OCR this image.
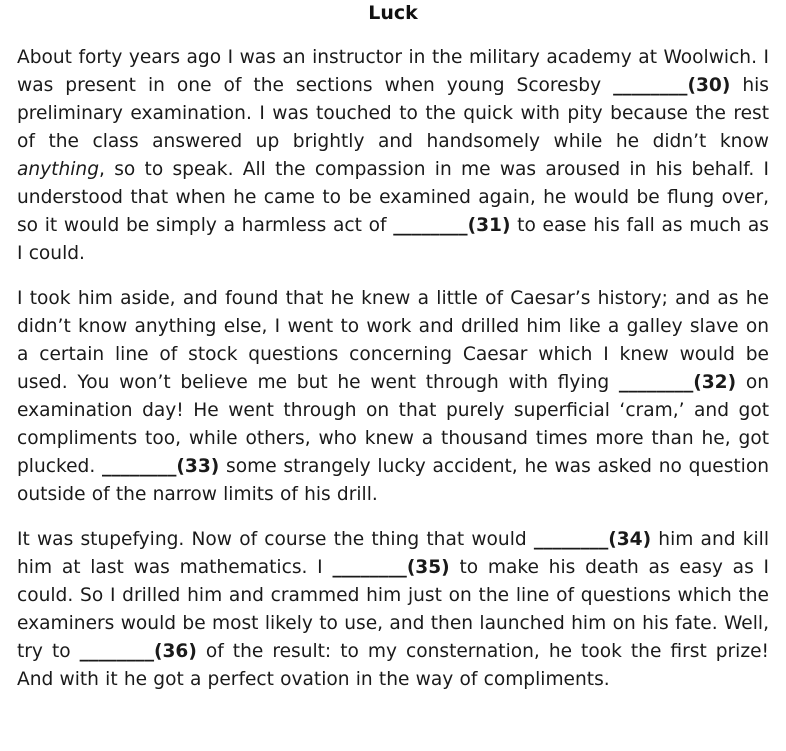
Luck

About forty years ago I was an instructor in the military academy at Woolwich. I was present in one of the sections when young Scoresby ________(30) his preliminary examination. I was touched to the quick with pity because the rest of the class answered up brightly and handsomely while he didn’t know anything, so to speak. All the compassion in me was aroused in his behalf. I understood that when he came to be examined again, he would be flung over, so it would be simply a harmless act of ________(31) to ease his fall as much as I could.

I took him aside, and found that he knew a little of Caesar’s history; and as he didn’t know anything else, I went to work and drilled him like a galley slave on a certain line of stock questions concerning Caesar which I knew would be used. You won’t believe me but he went through with flying ________(32) on examination day! He went through on that purely superficial ‘cram,’ and got compliments too, while others, who knew a thousand times more than he, got plucked. ________(33) some strangely lucky accident, he was asked no question outside of the narrow limits of his drill.

It was stupefying. Now of course the thing that would ________(34) him and kill him at last was mathematics. I ________(35) to make his death as easy as I could. So I drilled him and crammed him just on the line of questions which the examiners would be most likely to use, and then launched him on his fate. Well, try to ________(36) of the result: to my consternation, he took the first prize! And with it he got a perfect ovation in the way of compliments.
